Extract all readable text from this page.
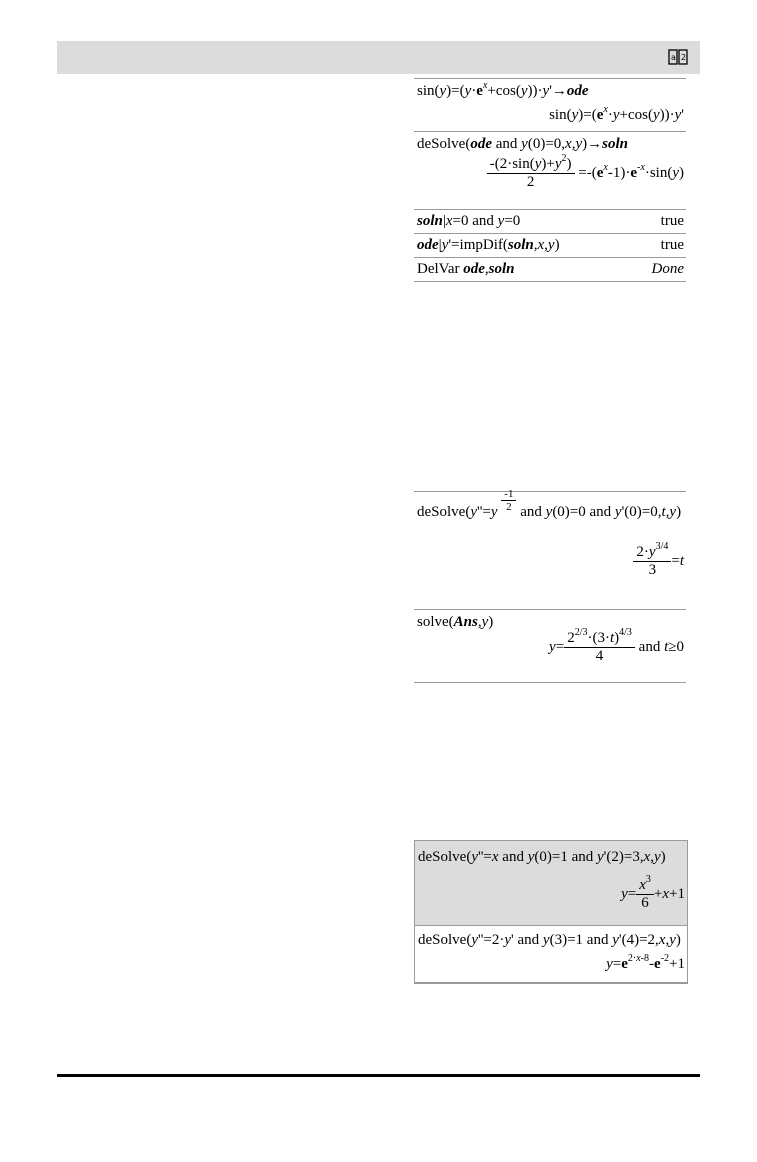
a 2
$\sin(y)=(y\cdot e^x+\cos(y))\cdot y'\to ode$
$\sin(y)=(e^x\cdot y+\cos(y))\cdot y'$
deSolve(ode and y(0)=0,x,y)→soln
$\frac{-(2\cdot\sin(y)+y^2)}{2} =-(e^x-1)\cdot e^{-x}\cdot\sin(y)$
soln|x=0 and y=0	true
ode|y'=impDif(soln,x,y)	true
DelVar ode,soln	Done
deSolve(y''=y $\frac{-1}{2}$ and y(0)=0 and y'(0)=0,t,y)
$\frac{2\cdot y^{3/4}}{3} =t$
solve(Ans,y)
$y= \frac{2^{2/3}\cdot(3\cdot t)^{4/3}}{4}$ and t≥0
deSolve(y''=x and y(0)=1 and y'(2)=3,x,y)
$y= \frac{x^3}{6} +x+1$
deSolve(y''=2·y' and y(3)=1 and y'(4)=2,x,y)
$y=e^{2\cdot x-8}-e^{-2}+1$
